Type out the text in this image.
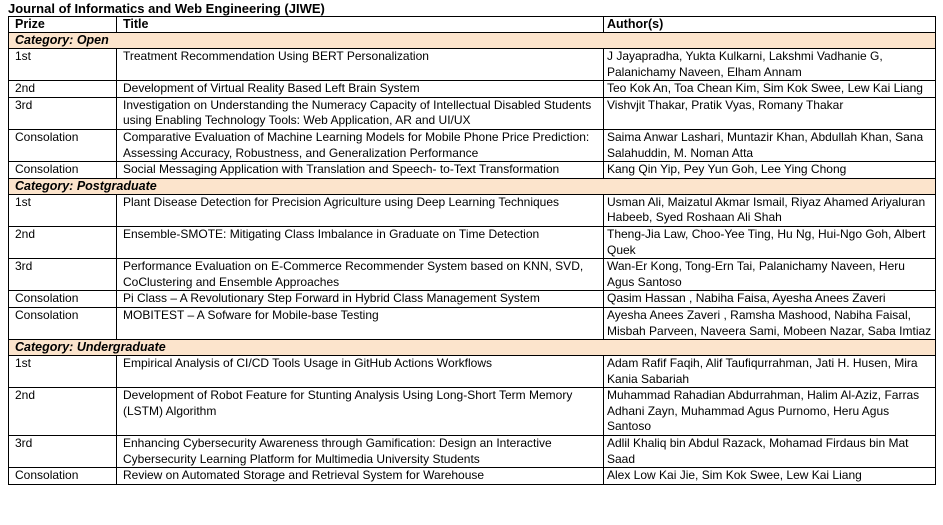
Journal of Informatics and Web Engineering (JIWE)
Prize	Title	Author(s)
Category: Open		
1st	Treatment Recommendation Using BERT Personalization	J Jayapradha, Yukta Kulkarni, Lakshmi Vadhanie G, Palanichamy Naveen, Elham Annam
2nd	Development of Virtual Reality Based Left Brain System	Teo Kok An, Toa Chean Kim, Sim Kok Swee, Lew Kai Liang
3rd	Investigation on Understanding the Numeracy Capacity of Intellectual Disabled Students using Enabling Technology Tools: Web Application, AR and UI/UX	Vishvjit Thakar, Pratik Vyas, Romany Thakar
Consolation	Comparative Evaluation of Machine Learning Models for Mobile Phone Price Prediction: Assessing Accuracy, Robustness, and Generalization Performance	Saima Anwar Lashari, Muntazir Khan, Abdullah Khan, Sana Salahuddin, M. Noman Atta
Consolation	Social Messaging Application with Translation and Speech- to-Text Transformation	Kang Qin Yip, Pey Yun Goh, Lee Ying Chong
Category: Postgraduate		
1st	Plant Disease Detection for Precision Agriculture using Deep Learning Techniques	Usman Ali, Maizatul Akmar Ismail, Riyaz Ahamed Ariyaluran Habeeb, Syed Roshaan Ali Shah
2nd	Ensemble-SMOTE: Mitigating Class Imbalance in Graduate on Time Detection	Theng-Jia Law, Choo-Yee Ting, Hu Ng, Hui-Ngo Goh, Albert Quek
3rd	Performance Evaluation on E-Commerce Recommender System based on KNN, SVD, CoClustering and Ensemble Approaches	Wan-Er Kong, Tong-Ern Tai, Palanichamy Naveen, Heru Agus Santoso
Consolation	Pi Class – A Revolutionary Step Forward in Hybrid Class Management System	Qasim Hassan , Nabiha Faisa, Ayesha Anees Zaveri
Consolation	MOBITEST – A Sofware for Mobile-base Testing	Ayesha Anees Zaveri , Ramsha Mashood, Nabiha Faisal, Misbah Parveen, Naveera Sami, Mobeen Nazar, Saba Imtiaz
Category: Undergraduate		
1st	Empirical Analysis of CI/CD Tools Usage in GitHub Actions Workflows	Adam Rafif Faqih, Alif Taufiqurrahman, Jati H. Husen, Mira Kania Sabariah
2nd	Development of Robot Feature for Stunting Analysis Using Long-Short Term Memory (LSTM) Algorithm	Muhammad Rahadian Abdurrahman, Halim Al-Aziz, Farras Adhani Zayn, Muhammad Agus Purnomo, Heru Agus Santoso
3rd	Enhancing Cybersecurity Awareness through Gamification: Design an Interactive Cybersecurity Learning Platform for Multimedia University Students	Adlil Khaliq bin Abdul Razack, Mohamad Firdaus bin Mat Saad
Consolation	Review on Automated Storage and Retrieval System for Warehouse	Alex Low Kai Jie, Sim Kok Swee, Lew Kai Liang
